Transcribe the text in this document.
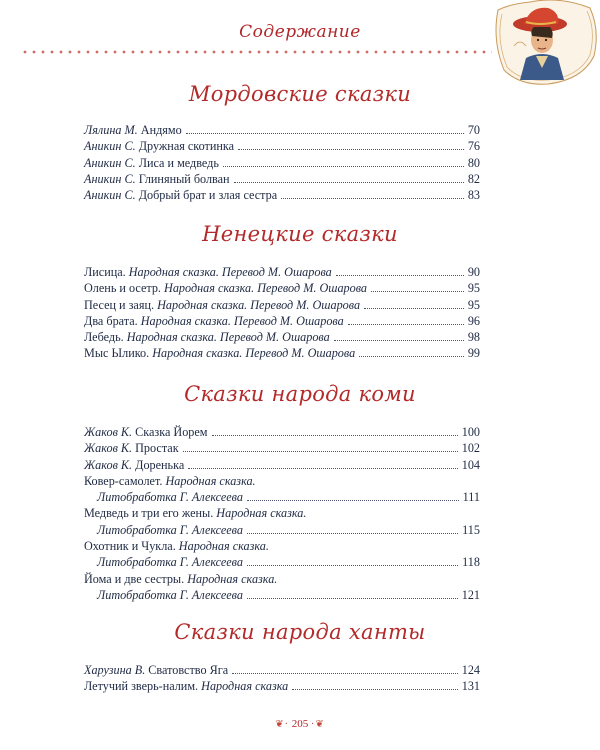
Содержание
Мордовские сказки
Лялина М. Андямо	70
Аникин С. Дружная скотинка	76
Аникин С. Лиса и медведь	80
Аникин С. Глиняный болван	82
Аникин С. Добрый брат и злая сестра	83
Ненецкие сказки
Лисица. Народная сказка. Перевод М. Ошарова	90
Олень и осетр. Народная сказка. Перевод М. Ошарова	95
Песец и заяц. Народная сказка. Перевод М. Ошарова	95
Два брата. Народная сказка. Перевод М. Ошарова	96
Лебедь. Народная сказка. Перевод М. Ошарова	98
Мыс Ылико. Народная сказка. Перевод М. Ошарова	99
Сказки народа коми
Жаков К. Сказка Йорем	100
Жаков К. Простак	102
Жаков К. Доренька	104
Ковер-самолет. Народная сказка.
Литобработка Г. Алексеева	111
Медведь и три его жены. Народная сказка.
Литобработка Г. Алексеева	115
Охотник и Чукла. Народная сказка.
Литобработка Г. Алексеева	118
Йома и две сестры. Народная сказка.
Литобработка Г. Алексеева	121
Сказки народа ханты
Харузина В. Сватовство Яга	124
Летучий зверь-налим. Народная сказка	131
❦· 205 ·❦
